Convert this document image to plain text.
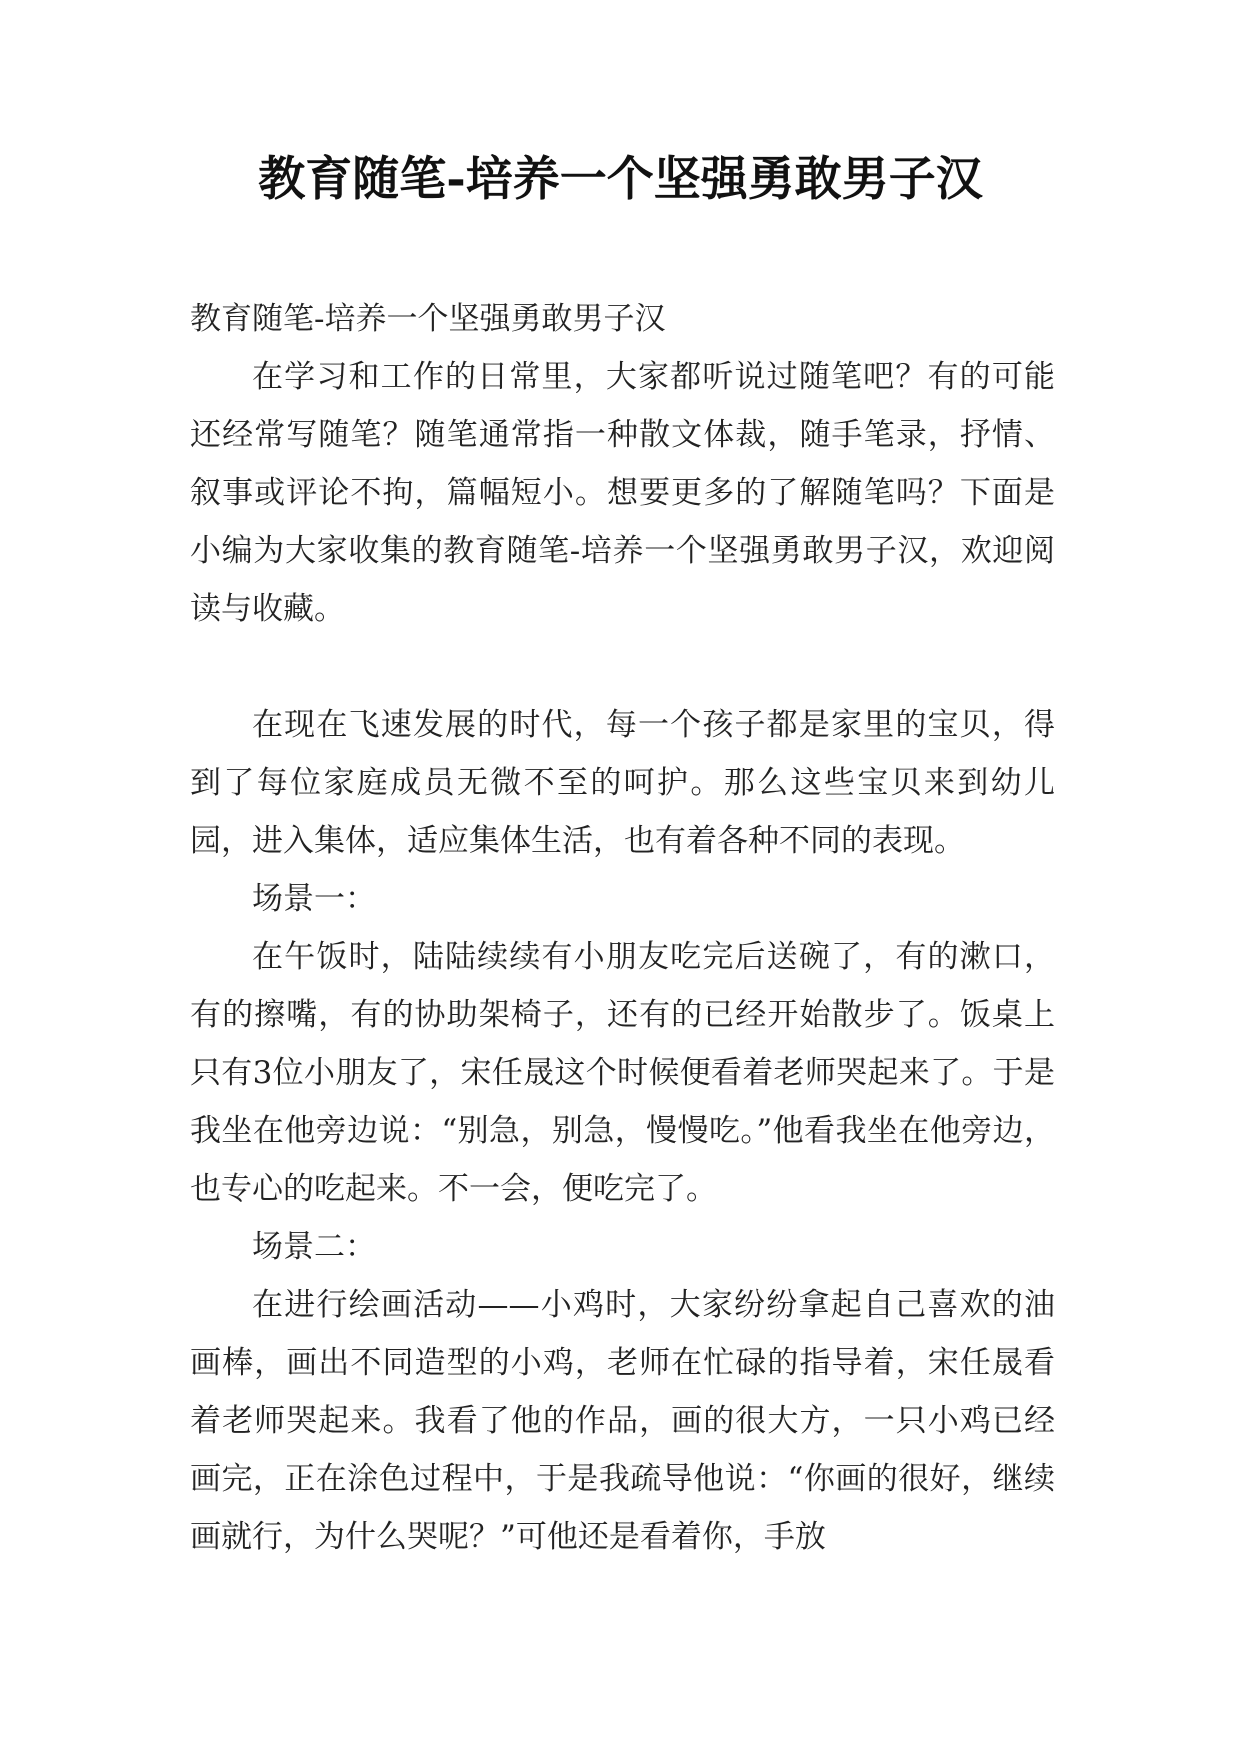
教育随笔-培养一个坚强勇敢男子汉

教育随笔-培养一个坚强勇敢男子汉

在学习和工作的日常里，大家都听说过随笔吧？有的可能还经常写随笔？随笔通常指一种散文体裁，随手笔录，抒情、叙事或评论不拘，篇幅短小。想要更多的了解随笔吗？下面是小编为大家收集的教育随笔-培养一个坚强勇敢男子汉，欢迎阅读与收藏。

在现在飞速发展的时代，每一个孩子都是家里的宝贝，得到了每位家庭成员无微不至的呵护。那么这些宝贝来到幼儿园，进入集体，适应集体生活，也有着各种不同的表现。

场景一：

在午饭时，陆陆续续有小朋友吃完后送碗了，有的漱口，有的擦嘴，有的协助架椅子，还有的已经开始散步了。饭桌上只有3位小朋友了，宋任晟这个时候便看着老师哭起来了。于是我坐在他旁边说：“别急，别急，慢慢吃。”他看我坐在他旁边，也专心的吃起来。不一会，便吃完了。

场景二：

在进行绘画活动——小鸡时，大家纷纷拿起自己喜欢的油画棒，画出不同造型的小鸡，老师在忙碌的指导着，宋任晟看着老师哭起来。我看了他的作品，画的很大方，一只小鸡已经画完，正在涂色过程中，于是我疏导他说：“你画的很好，继续画就行，为什么哭呢？”可他还是看着你，手放
